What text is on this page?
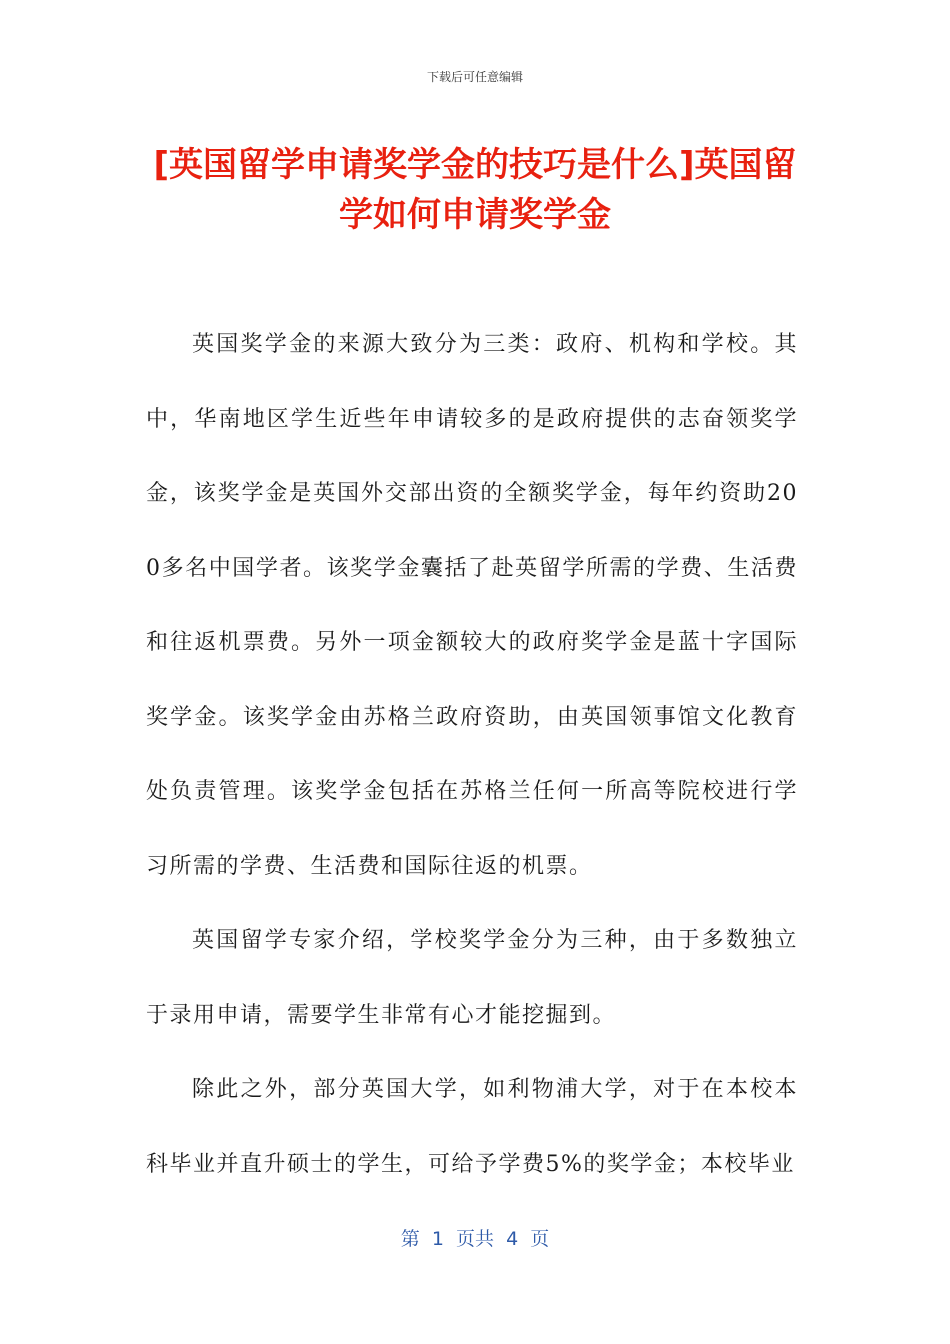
下载后可任意编辑
[英国留学申请奖学金的技巧是什么]英国留学如何申请奖学金

英国奖学金的来源大致分为三类：政府、机构和学校。其中，华南地区学生近些年申请较多的是政府提供的志奋领奖学金，该奖学金是英国外交部出资的全额奖学金，每年约资助200多名中国学者。该奖学金囊括了赴英留学所需的学费、生活费和往返机票费。另外一项金额较大的政府奖学金是蓝十字国际奖学金。该奖学金由苏格兰政府资助，由英国领事馆文化教育处负责管理。该奖学金包括在苏格兰任何一所高等院校进行学习所需的学费、生活费和国际往返的机票。

英国留学专家介绍，学校奖学金分为三种，由于多数独立于录用申请，需要学生非常有心才能挖掘到。

除此之外，部分英国大学，如利物浦大学，对于在本校本科毕业并直升硕士的学生，可给予学费5%的奖学金；本校毕业

第  1  页共  4  页
